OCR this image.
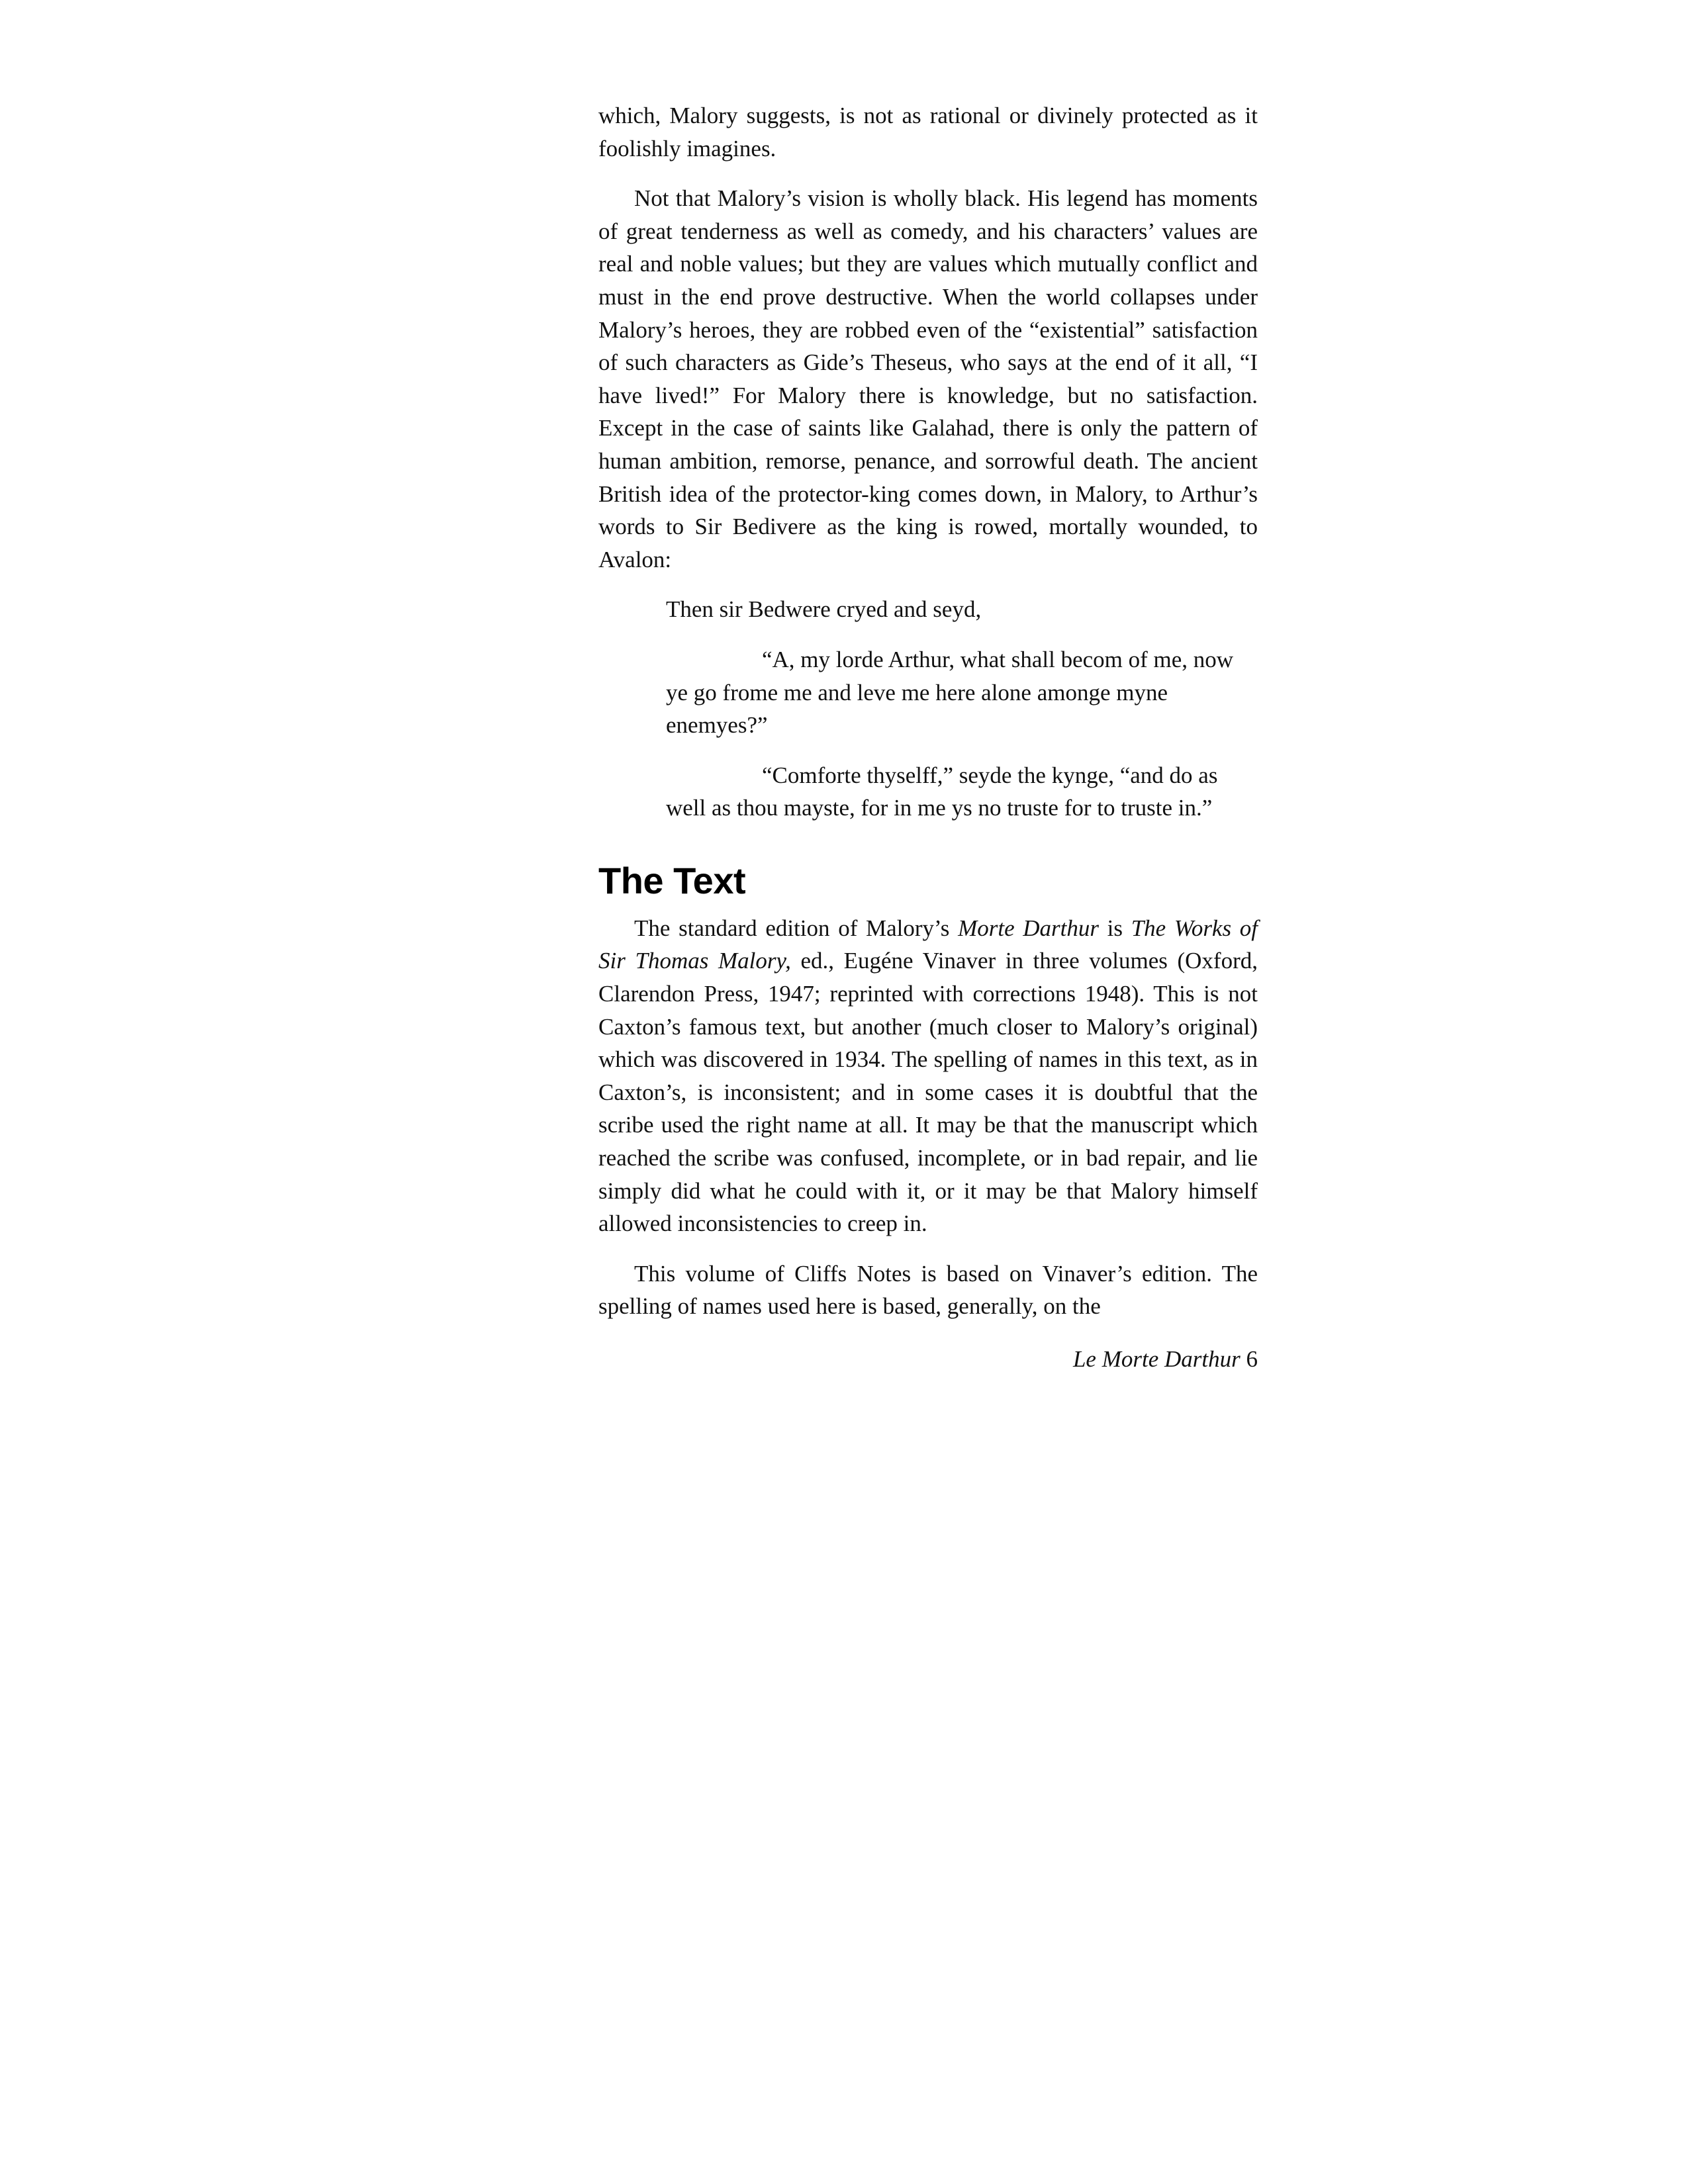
which, Malory suggests, is not as rational or divinely protected as it foolishly imagines.

Not that Malory’s vision is wholly black. His legend has moments of great tenderness as well as comedy, and his characters’ values are real and noble values; but they are values which mutually conflict and must in the end prove destructive. When the world collapses under Malory’s heroes, they are robbed even of the “existential” satisfaction of such characters as Gide’s Theseus, who says at the end of it all, “I have lived!” For Malory there is knowledge, but no satisfaction. Except in the case of saints like Galahad, there is only the pattern of human ambition, remorse, penance, and sorrowful death. The ancient British idea of the protector-king comes down, in Malory, to Arthur’s words to Sir Bedivere as the king is rowed, mortally wounded, to Avalon:

Then sir Bedwere cryed and seyd,

“A, my lorde Arthur, what shall becom of me, now ye go frome me and leve me here alone amonge myne enemyes?”

“Comforte thyselff,” seyde the kynge, “and do as well as thou mayste, for in me ys no truste for to truste in.”

The Text

The standard edition of Malory’s Morte Darthur is The Works of Sir Thomas Malory, ed., Eugéne Vinaver in three volumes (Oxford, Clarendon Press, 1947; reprinted with corrections 1948). This is not Caxton’s famous text, but another (much closer to Malory’s original) which was discovered in 1934. The spelling of names in this text, as in Caxton’s, is inconsistent; and in some cases it is doubtful that the scribe used the right name at all. It may be that the manuscript which reached the scribe was confused, incomplete, or in bad repair, and lie simply did what he could with it, or it may be that Malory himself allowed inconsistencies to creep in.

This volume of Cliffs Notes is based on Vinaver’s edition. The spelling of names used here is based, generally, on the

Le Morte Darthur 6
